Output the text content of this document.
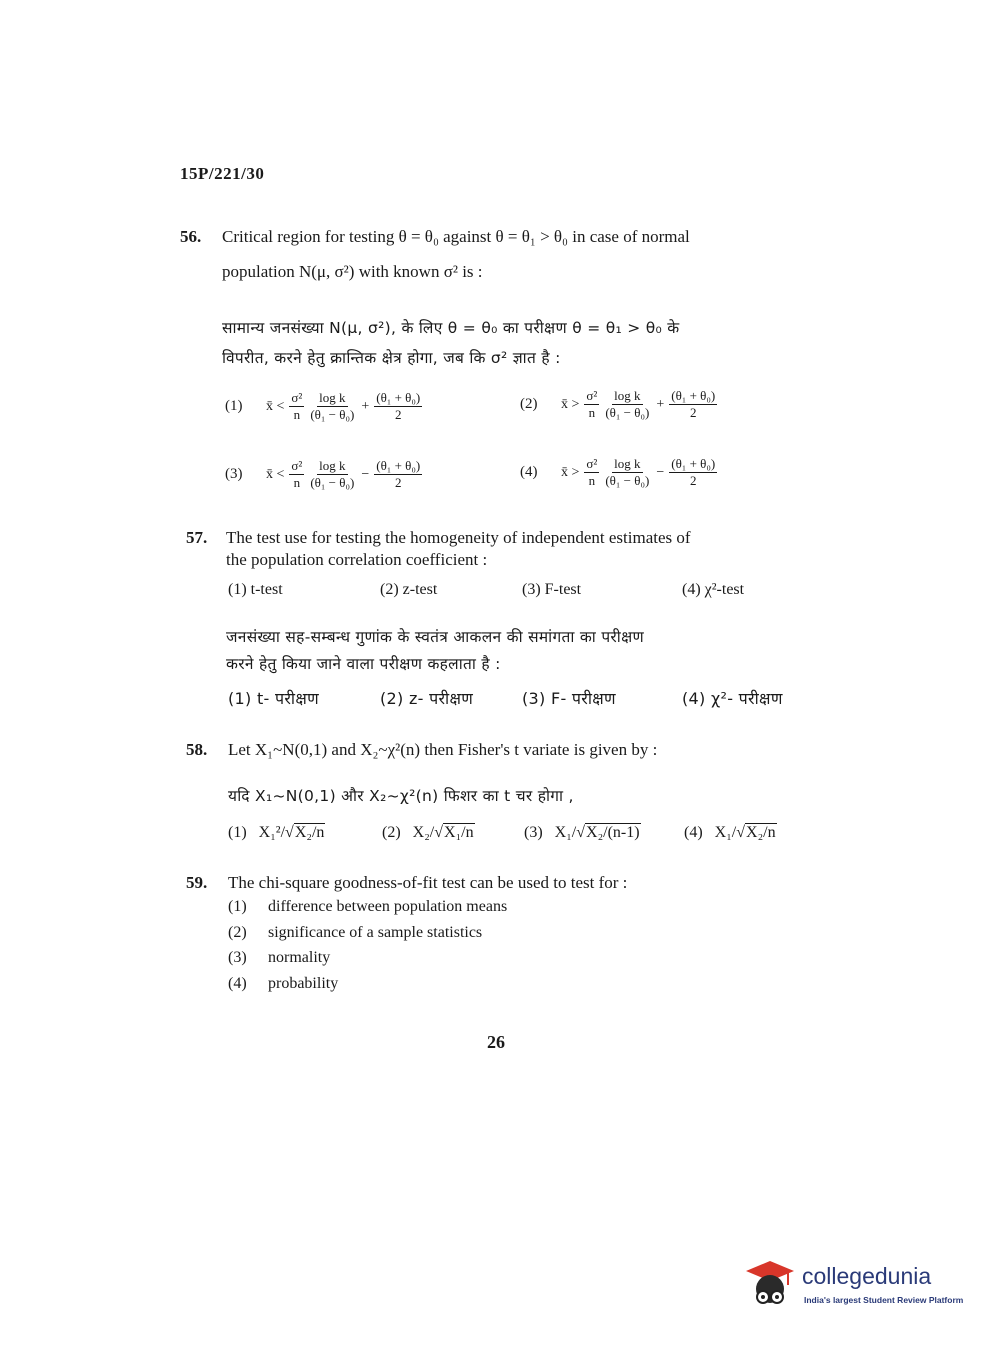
15P/221/30
56. Critical region for testing θ = θ₀ against θ = θ₁ > θ₀ in case of normal
population N(μ, σ²) with known σ² is :
सामान्य जनसंख्या N(μ, σ²), के लिए θ = θ₀ का परीक्षण θ = θ₁ > θ₀ के
विपरीत, करने हेतु क्रान्तिक क्षेत्र होगा, जब कि σ² ज्ञात है :
(1)	x̄ < $\frac{\text{σ²}}{n} \frac{\text{log k}}{\text{(θ₁ − θ₀)}} + \frac{\text{(θ₁ + θ₀)}}{2}$	(2)	x̄ > $\frac{\text{σ²}}{n} \frac{\text{log k}}{\text{(θ₁ − θ₀)}} + \frac{\text{(θ₁ + θ₀)}}{2}$
(3)	x̄ < $\frac{\text{σ²}}{n} \frac{\text{log k}}{\text{(θ₁ − θ₀)}} - \frac{\text{(θ₁ + θ₀)}}{2}$	(4)	x̄ > $\frac{\text{σ²}}{n} \frac{\text{log k}}{\text{(θ₁ − θ₀)}} - \frac{\text{(θ₁ + θ₀)}}{2}$
57. The test use for testing the homogeneity of independent estimates of
the population correlation coefficient :
(1) t-test	(2) z-test	(3) F-test	(4) χ²-test
जनसंख्या सह-सम्बन्ध गुणांक के स्वतंत्र आकलन की समांगता का परीक्षण
करने हेतु किया जाने वाला परीक्षण कहलाता है :
(1) t- परीक्षण	(2) z- परीक्षण	(3) F- परीक्षण	(4) χ²- परीक्षण
58. Let X₁~N(0,1) and X₂~χ²(n) then Fisher's t variate is given by :
यदि X₁~N(0,1) और X₂~χ²(n) फिशर का t चर होगा ,
(1) X₁²/√X₂/n	(2) X₂/√X₁/n	(3) X₁/√X₂/(n-1)	(4) X₁/√X₂/n
59. The chi-square goodness-of-fit test can be used to test for :
(1) difference between population means
(2) significance of a sample statistics
(3) normality
(4) probability
26
collegedunia
India's largest Student Review Platform
